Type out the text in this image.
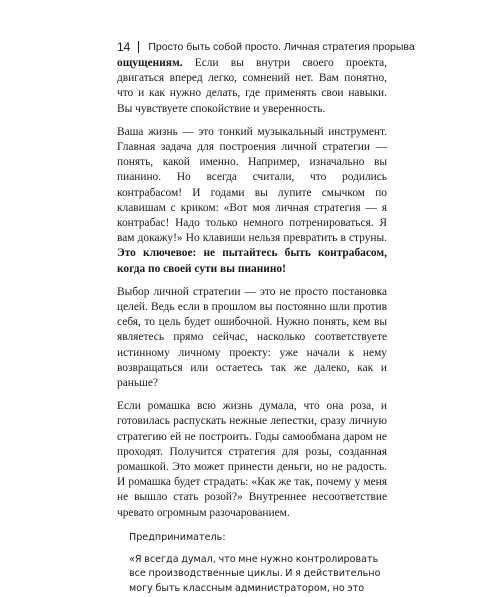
14 Просто быть собой просто. Личная стратегия прорыва

ощущениям. Если вы внутри своего проекта, двигаться вперед легко, сомнений нет. Вам понятно, что и как нужно делать, где применять свои навыки. Вы чувствуете спокойствие и уверенность.

Ваша жизнь — это тонкий музыкальный инструмент. Главная задача для построения личной стратегии — понять, какой именно. Например, изначально вы пианино. Но всегда считали, что родились контрабасом! И годами вы лупите смычком по клавишам с криком: «Вот моя личная стратегия — я контрабас! Надо только немного потренироваться. Я вам докажу!» Но клавиши нельзя превратить в струны. Это ключевое: не пытайтесь быть контрабасом, когда по своей сути вы пианино!

Выбор личной стратегии — это не просто постановка целей. Ведь если в прошлом вы постоянно шли против себя, то цель будет ошибочной. Нужно понять, кем вы являетесь прямо сейчас, насколько соответствуете истинному личному проекту: уже начали к нему возвращаться или остаетесь так же далеко, как и раньше?

Если ромашка всю жизнь думала, что она роза, и готовилась распускать нежные лепестки, сразу личную стратегию ей не построить. Годы самообмана даром не проходят. Получится стратегия для розы, созданная ромашкой. Это может принести деньги, но не радость. И ромашка будет страдать: «Как же так, почему у меня не вышло стать розой?» Внутреннее несоответствие чревато огромным разочарованием.

Предприниматель:
«Я всегда думал, что мне нужно контролировать все производственные циклы. И я действительно могу быть классным администратором, но это
